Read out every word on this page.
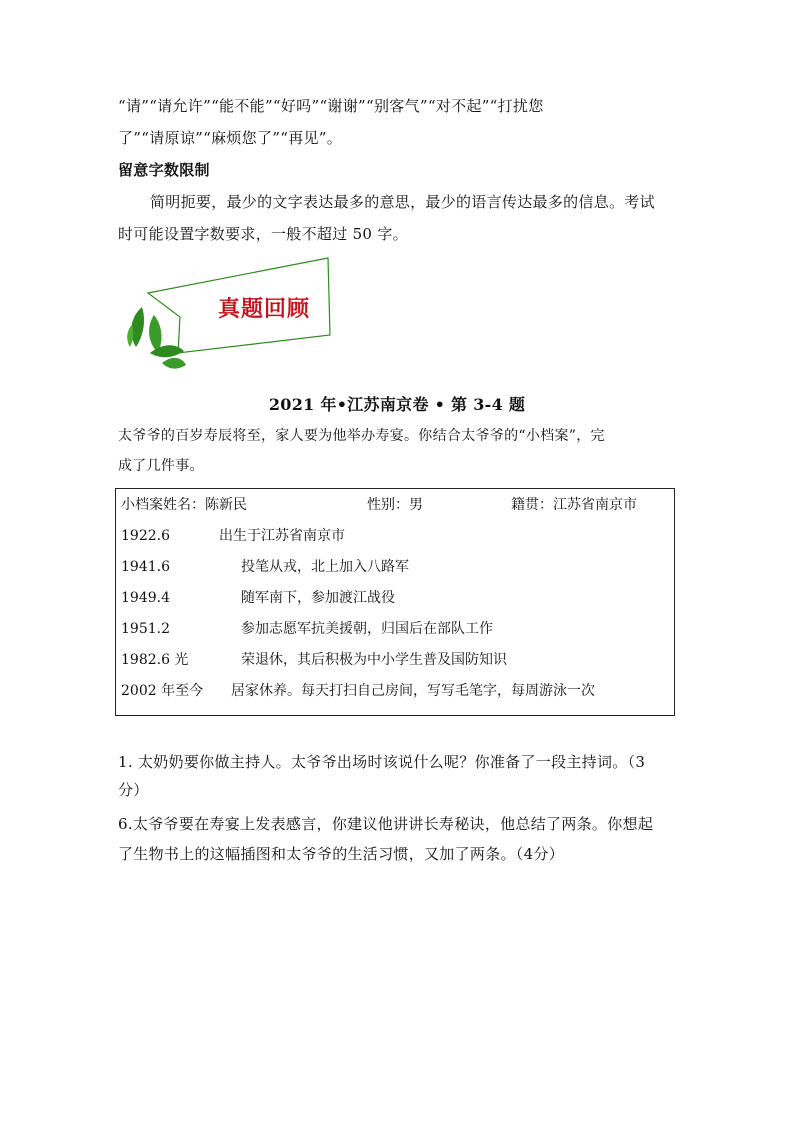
“请”“请允许”“能不能”“好吗”“谢谢”“别客气”“对不起”“打扰您
了”“请原谅”“麻烦您了”“再见”。
留意字数限制
简明扼要，最少的文字表达最多的意思，最少的语言传达最多的信息。考试
时可能设置字数要求，一般不超过 50 字。
真题回顾
2021 年•江苏南京卷 • 第 3-4 题
太爷爷的百岁寿辰将至，家人要为他举办寿宴。你结合太爷爷的“小档案”，完
成了几件事。
小档案姓名：陈新民	性别：男	籍贯：江苏省南京市
1922.6	出生于江苏省南京市
1941.6	投笔从戎，北上加入八路军
1949.4	随军南下，参加渡江战役
1951.2	参加志愿军抗美援朝，归国后在部队工作
1982.6 光	荣退休，其后积极为中小学生普及国防知识
2002 年至今 居家休养。每天打扫自己房间，写写毛笔字，每周游泳一次
1. 太奶奶要你做主持人。太爷爷出场时该说什么呢？你准备了一段主持词。（3
分）
6.太爷爷要在寿宴上发表感言，你建议他讲讲长寿秘诀，他总结了两条。你想起
了生物书上的这幅插图和太爷爷的生活习惯，又加了两条。（4分）
